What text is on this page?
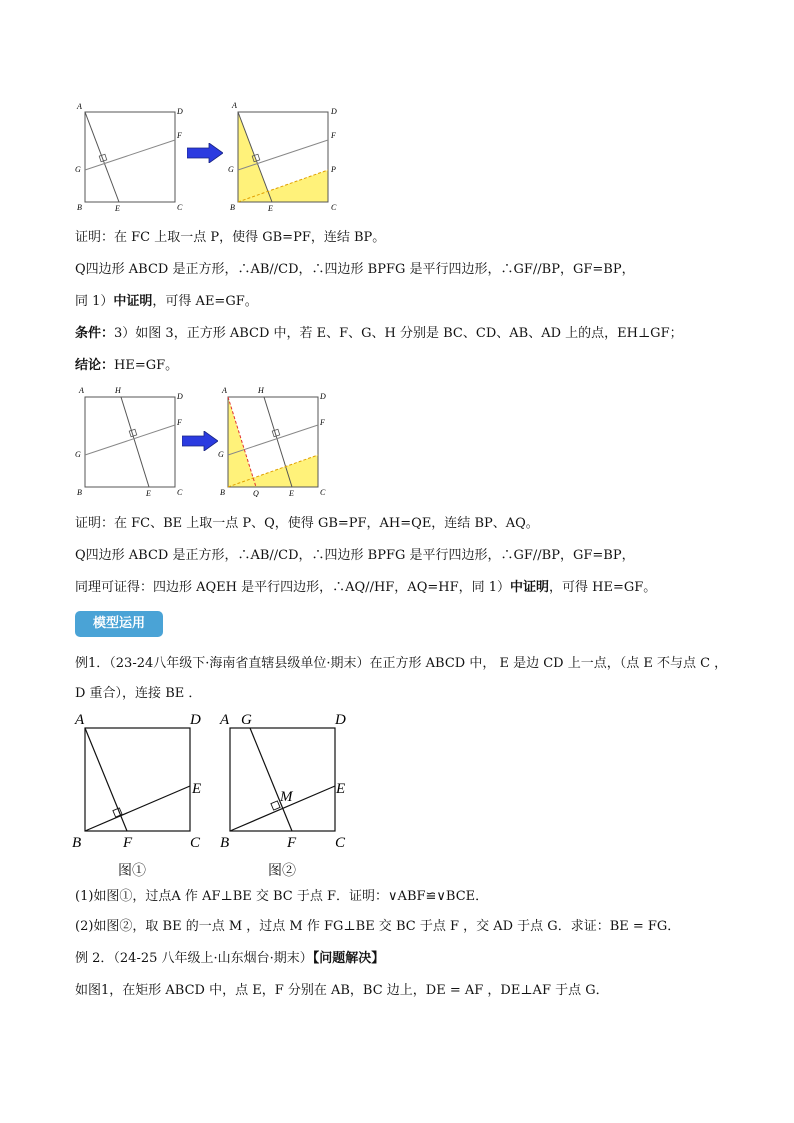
A
D
F
G
B	E	C
A
D
F
G	P
B	E	C
证明：在 FC 上取一点 P，使得 GB=PF，连结 BP。
Q四边形 ABCD 是正方形，∴AB//CD，∴四边形 BPFG 是平行四边形，∴GF//BP，GF=BP，
同 1）中证明，可得 AE=GF。
条件：3）如图 3，正方形 ABCD 中，若 E、F、G、H 分别是 BC、CD、AB、AD 上的点，EH⊥GF；
结论：HE=GF。
A	H
D
F
G
B	E	C
A	H
D
F
G
B	Q	E	C
证明：在 FC、BE 上取一点 P、Q，使得 GB=PF，AH=QE，连结 BP、AQ。
Q四边形 ABCD 是正方形，∴AB//CD，∴四边形 BPFG 是平行四边形，∴GF//BP，GF=BP，
同理可证得：四边形 AQEH 是平行四边形，∴AQ//HF，AQ=HF，同 1）中证明，可得 HE=GF。
模型运用
例1．（23-24八年级下·海南省直辖县级单位·期末）在正方形 ABCD 中， E 是边 CD 上一点，（点 E 不与点 C ，
D 重合），连接 BE ．
A	D
E
B	F	C
图①
A G	D
M	E
B	F	C
图②
(1)如图①，过点A 作 AF⊥BE 交 BC 于点 F．证明：∨ABF≌∨BCE．
(2)如图②，取 BE 的一点 M ，过点 M 作 FG⊥BE 交 BC 于点 F ，交 AD 于点 G．求证：BE = FG．
例 2．（24-25 八年级上·山东烟台·期末）【问题解决】
如图1，在矩形 ABCD 中，点 E，F 分别在 AB，BC 边上，DE = AF ，DE⊥AF 于点 G．
